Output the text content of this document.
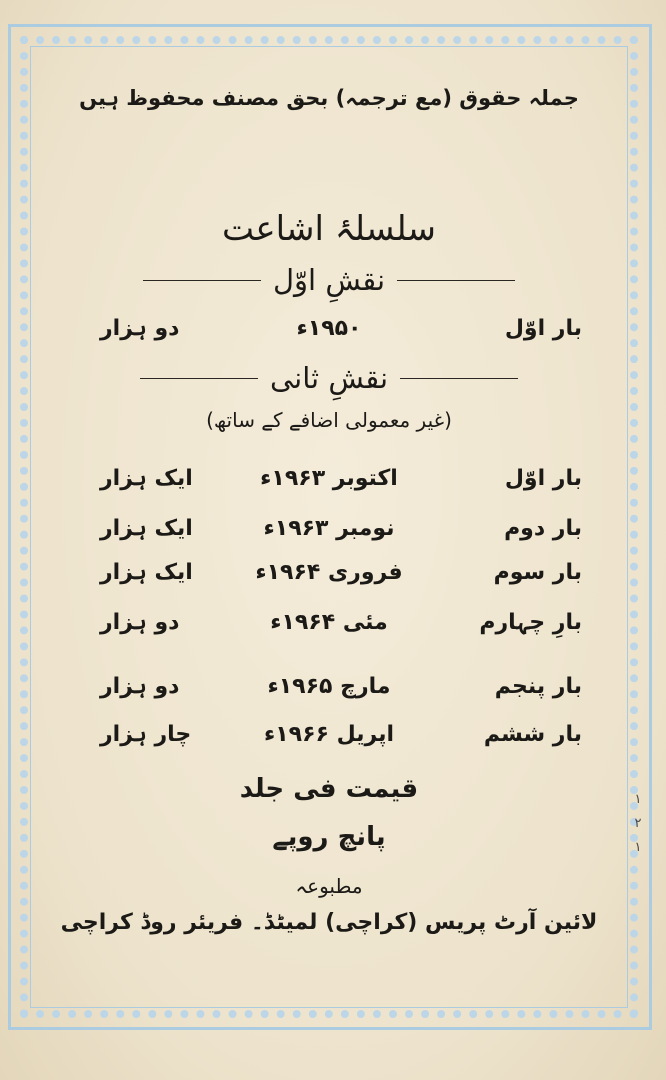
جملہ حقوق (مع ترجمہ) بحق مصنف محفوظ ہیں
سلسلۂ اشاعت
نقشِ اوّل
بار اوّل
۱۹۵۰ء
دو ہزار
نقشِ ثانی
(غیر معمولی اضافے کے ساتھ)
بار اوّل
اکتوبر ۱۹۶۳ء
ایک ہزار
بار دوم
نومبر ۱۹۶۳ء
ایک ہزار
بار سوم
فروری ۱۹۶۴ء
ایک ہزار
بارِ چہارم
مئی ۱۹۶۴ء
دو ہزار
بار پنجم
مارچ ۱۹۶۵ء
دو ہزار
بار ششم
اپریل ۱۹۶۶ء
چار ہزار
قیمت فی جلد
پانچ روپے
مطبوعہ
لائین آرٹ پریس (کراچی) لمیٹڈ۔ فریئر روڈ کراچی
١
٢
١
